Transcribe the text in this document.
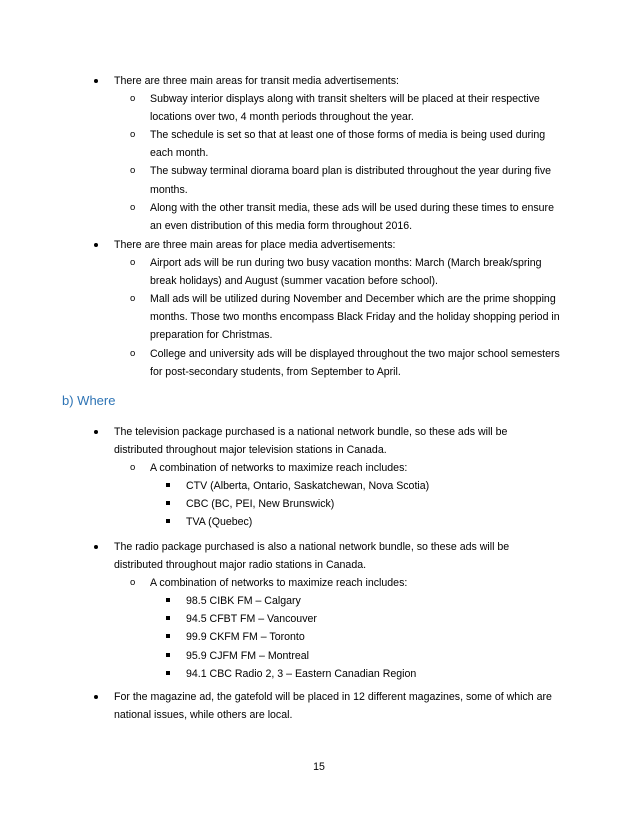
There are three main areas for transit media advertisements:
o Subway interior displays along with transit shelters will be placed at their respective locations over two, 4 month periods throughout the year.
o The schedule is set so that at least one of those forms of media is being used during each month.
o The subway terminal diorama board plan is distributed throughout the year during five months.
o Along with the other transit media, these ads will be used during these times to ensure an even distribution of this media form throughout 2016.
There are three main areas for place media advertisements:
o Airport ads will be run during two busy vacation months: March (March break/spring break holidays) and August (summer vacation before school).
o Mall ads will be utilized during November and December which are the prime shopping months. Those two months encompass Black Friday and the holiday shopping period in preparation for Christmas.
o College and university ads will be displayed throughout the two major school semesters for post-secondary students, from September to April.
b) Where
The television package purchased is a national network bundle, so these ads will be distributed throughout major television stations in Canada.
o A combination of networks to maximize reach includes:
CTV (Alberta, Ontario, Saskatchewan, Nova Scotia)
CBC (BC, PEI, New Brunswick)
TVA (Quebec)
The radio package purchased is also a national network bundle, so these ads will be distributed throughout major radio stations in Canada.
o A combination of networks to maximize reach includes:
98.5 CIBK FM – Calgary
94.5 CFBT FM – Vancouver
99.9 CKFM FM – Toronto
95.9 CJFM FM – Montreal
94.1 CBC Radio 2, 3 – Eastern Canadian Region
For the magazine ad, the gatefold will be placed in 12 different magazines, some of which are national issues, while others are local.
15
